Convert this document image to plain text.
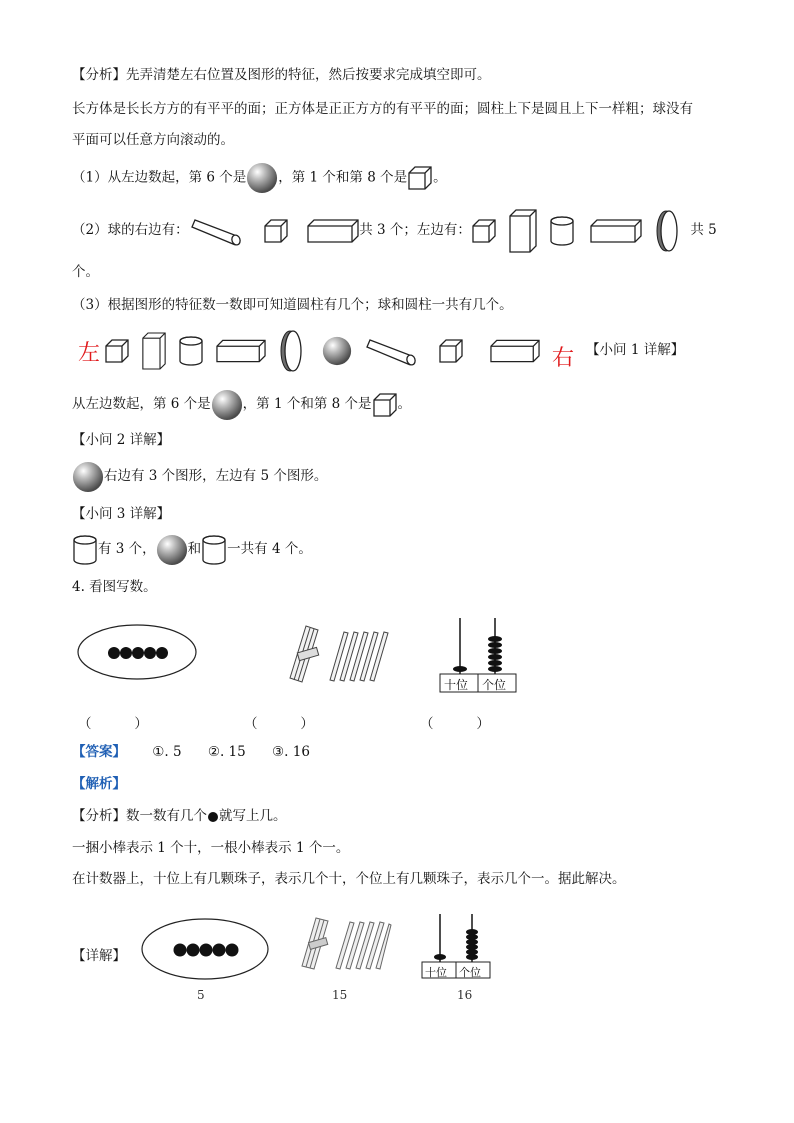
【分析】先弄清楚左右位置及图形的特征，然后按要求完成填空即可。
长方体是长长方方的有平平的面；正方体是正正方方的有平平的面；圆柱上下是圆且上下一样粗；球没有
平面可以任意方向滚动的。
（1）从左边数起，第 6 个是 ，第 1 个和第 8 个是 。
（2）球的右边有：	共 3 个；左边有：	共 5
个。
（3）根据图形的特征数一数即可知道圆柱有几个；球和圆柱一共有几个。
左	右 【小问 1 详解】
从左边数起，第 6 个是 ，第 1 个和第 8 个是 。
【小问 2 详解】
右边有 3 个图形，左边有 5 个图形。
【小问 3 详解】
有 3 个， 和 一共有 4 个。
4. 看图写数。
十位 个位
（          ）	（          ）	（          ）
【答案】 ①. 5 ②. 15 ③. 16
【解析】
【分析】数一数有几个 就写上几。
一捆小棒表示 1 个十，一根小棒表示 1 个一。
在计数器上，十位上有几颗珠子，表示几个十，个位上有几颗珠子，表示几个一。据此解决。
【详解】
十位 个位
5	15	16
